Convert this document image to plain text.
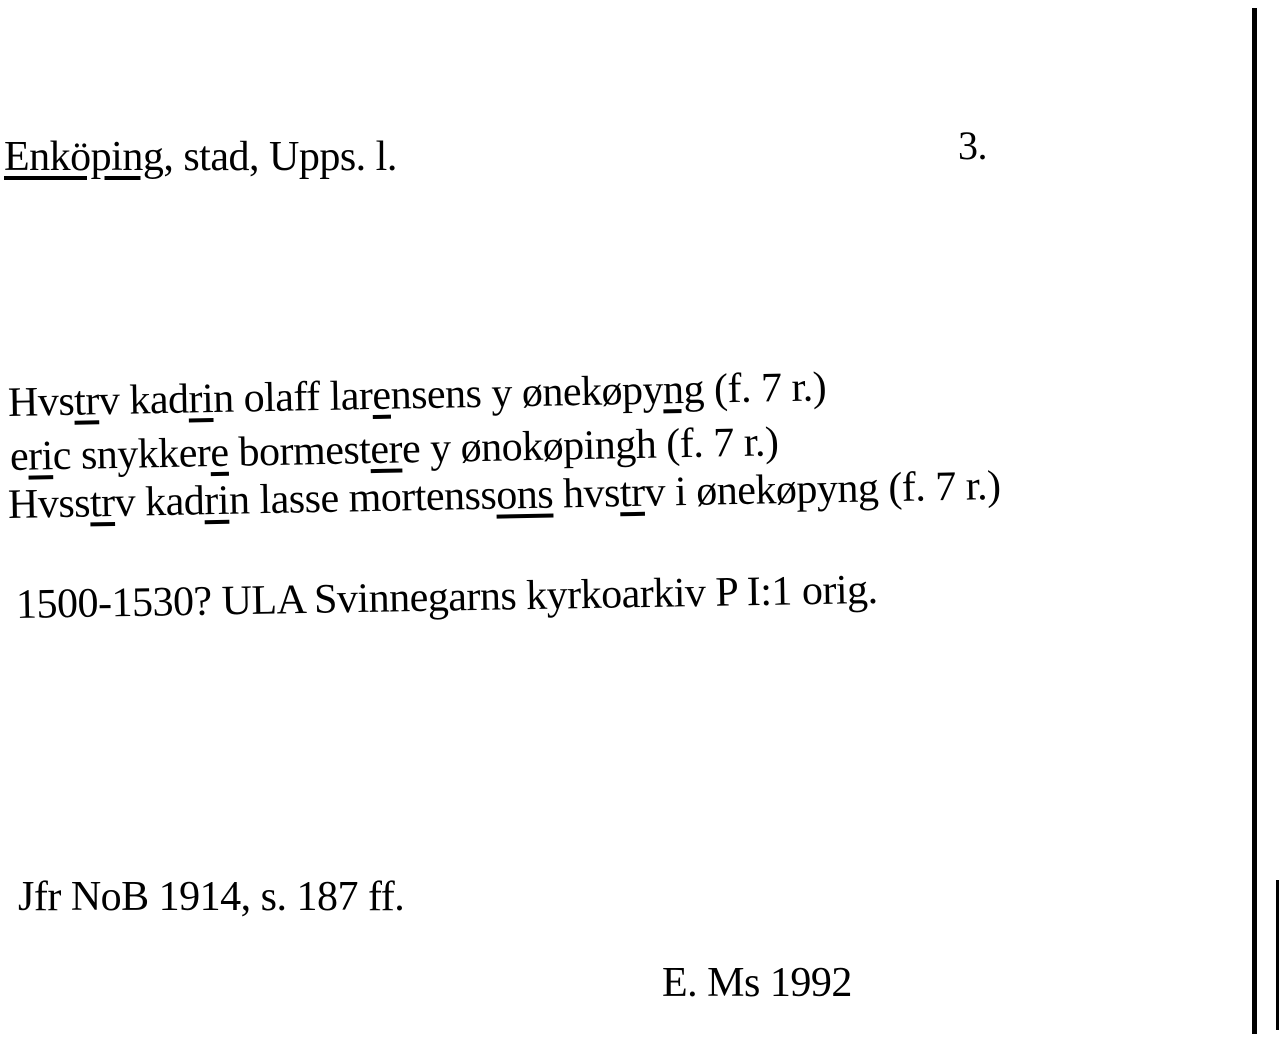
3.
Enköping, stad, Upps. l.
Hvstrv kadrin olaff larensens y ønekøpyng (f. 7 r.)
eric snykkere bormestere y ønokøpingh (f. 7 r.)
Hvsstrv kadrin lasse mortenssons hvstrv i ønekøpyng (f. 7 r.)
1500-1530? ULA Svinnegarns kyrkoarkiv P I:1 orig.
Jfr NoB 1914, s. 187 ff.
E. Ms 1992
